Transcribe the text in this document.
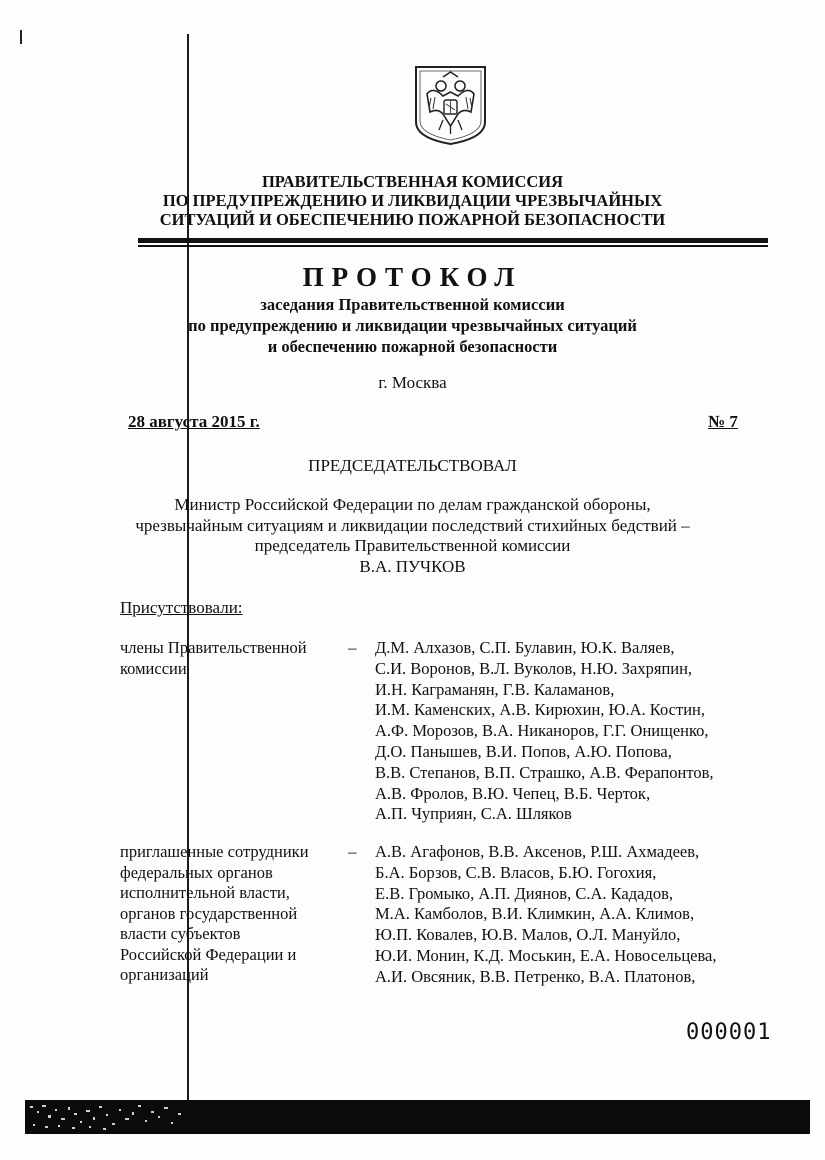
ПРАВИТЕЛЬСТВЕННАЯ КОМИССИЯ
ПО ПРЕДУПРЕЖДЕНИЮ И ЛИКВИДАЦИИ ЧРЕЗВЫЧАЙНЫХ
СИТУАЦИЙ И ОБЕСПЕЧЕНИЮ ПОЖАРНОЙ БЕЗОПАСНОСТИ
ПРОТОКОЛ
заседания Правительственной комиссии
по предупреждению и ликвидации чрезвычайных ситуаций
и обеспечению пожарной безопасности
г. Москва
28 августа 2015 г.	№ 7
ПРЕДСЕДАТЕЛЬСТВОВАЛ
Министр Российской Федерации по делам гражданской обороны,
чрезвычайным ситуациям и ликвидации последствий стихийных бедствий –
председатель Правительственной комиссии
В.А. ПУЧКОВ
Присутствовали:
члены Правительственной
комиссии
– Д.М. Алхазов, С.П. Булавин, Ю.К. Валяев,
С.И. Воронов, В.Л. Вуколов, Н.Ю. Захряпин,
И.Н. Каграманян, Г.В. Каламанов,
И.М. Каменских, А.В. Кирюхин, Ю.А. Костин,
А.Ф. Морозов, В.А. Никаноров, Г.Г. Онищенко,
Д.О. Панышев, В.И. Попов, А.Ю. Попова,
В.В. Степанов, В.П. Страшко, А.В. Ферапонтов,
А.В. Фролов, В.Ю. Чепец, В.Б. Черток,
А.П. Чуприян, С.А. Шляков
приглашенные сотрудники
федеральных органов
исполнительной власти,
органов государственной
власти субъектов
Российской Федерации и
организаций
– А.В. Агафонов, В.В. Аксенов, Р.Ш. Ахмадеев,
Б.А. Борзов, С.В. Власов, Б.Ю. Гогохия,
Е.В. Громыко, А.П. Диянов, С.А. Кададов,
М.А. Камболов, В.И. Климкин, А.А. Климов,
Ю.П. Ковалев, Ю.В. Малов, О.Л. Мануйло,
Ю.И. Монин, К.Д. Моськин, Е.А. Новосельцева,
А.И. Овсяник, В.В. Петренко, В.А. Платонов,
000001
